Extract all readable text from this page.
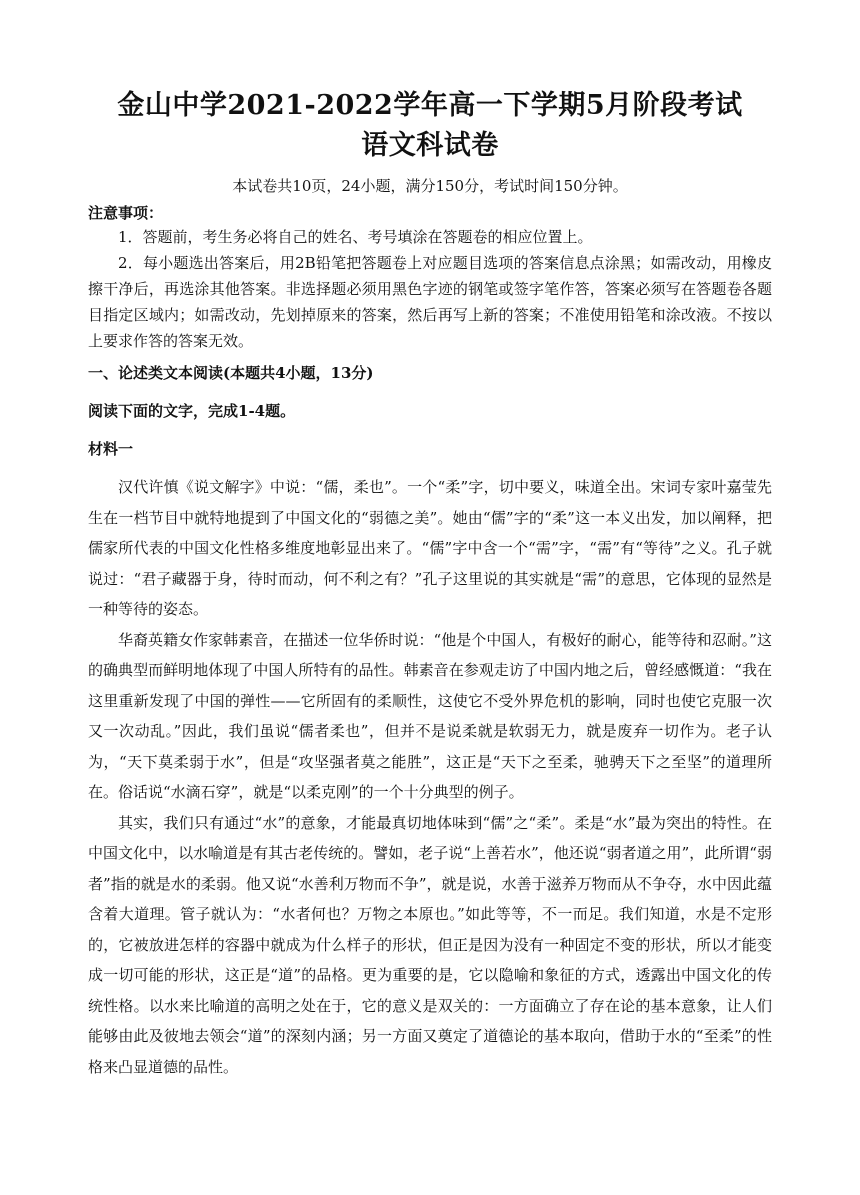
金山中学2021-2022学年高一下学期5月阶段考试
语文科试卷
本试卷共10页，24小题，满分150分，考试时间150分钟。
注意事项：

1．答题前，考生务必将自己的姓名、考号填涂在答题卷的相应位置上。

2．每小题选出答案后，用2B铅笔把答题卷上对应题目选项的答案信息点涂黑；如需改动，用橡皮擦干净后，再选涂其他答案。非选择题必须用黑色字迹的钢笔或签字笔作答，答案必须写在答题卷各题目指定区域内；如需改动，先划掉原来的答案，然后再写上新的答案；不准使用铅笔和涂改液。不按以上要求作答的答案无效。

一、论述类文本阅读(本题共4小题，13分)
阅读下面的文字，完成1-4题。
材料一

汉代许慎《说文解字》中说：“儒，柔也”。一个“柔”字，切中要义，味道全出。宋词专家叶嘉莹先生在一档节目中就特地提到了中国文化的“弱德之美”。她由“儒”字的“柔”这一本义出发，加以阐释，把儒家所代表的中国文化性格多维度地彰显出来了。“儒”字中含一个“需”字，“需”有“等待”之义。孔子就说过：“君子藏器于身，待时而动，何不利之有？”孔子这里说的其实就是“需”的意思，它体现的显然是一种等待的姿态。

华裔英籍女作家韩素音，在描述一位华侨时说：“他是个中国人，有极好的耐心，能等待和忍耐。”这的确典型而鲜明地体现了中国人所特有的品性。韩素音在参观走访了中国内地之后，曾经感慨道：“我在这里重新发现了中国的弹性——它所固有的柔顺性，这使它不受外界危机的影响，同时也使它克服一次又一次动乱。”因此，我们虽说“儒者柔也”，但并不是说柔就是软弱无力，就是废弃一切作为。老子认为，“天下莫柔弱于水”，但是“攻坚强者莫之能胜”，这正是“天下之至柔，驰骋天下之至坚”的道理所在。俗话说“水滴石穿”，就是“以柔克刚”的一个十分典型的例子。

其实，我们只有通过“水”的意象，才能最真切地体味到“儒”之“柔”。柔是“水”最为突出的特性。在中国文化中，以水喻道是有其古老传统的。譬如，老子说“上善若水”，他还说“弱者道之用”，此所谓“弱者”指的就是水的柔弱。他又说“水善利万物而不争”，就是说，水善于滋养万物而从不争夺，水中因此蕴含着大道理。管子就认为：“水者何也？万物之本原也。”如此等等，不一而足。我们知道，水是不定形的，它被放进怎样的容器中就成为什么样子的形状，但正是因为没有一种固定不变的形状，所以才能变成一切可能的形状，这正是“道”的品格。更为重要的是，它以隐喻和象征的方式，透露出中国文化的传统性格。以水来比喻道的高明之处在于，它的意义是双关的：一方面确立了存在论的基本意象，让人们能够由此及彼地去领会“道”的深刻内涵；另一方面又奠定了道德论的基本取向，借助于水的“至柔”的性格来凸显道德的品性。
